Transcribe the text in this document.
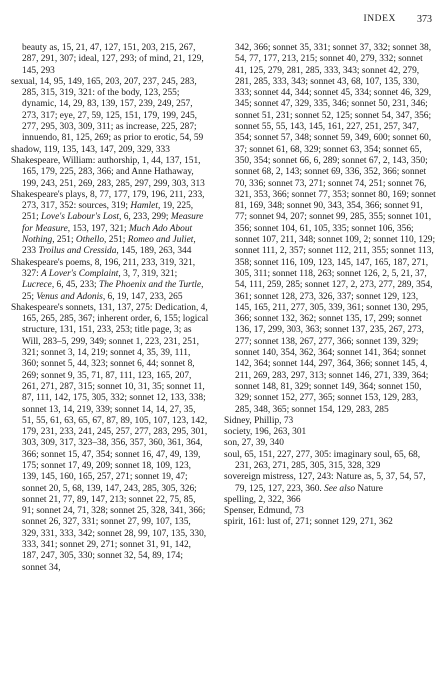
INDEX 373

beauty as, 15, 21, 47, 127, 151, 203, 215, 267, 287, 291, 307; ideal, 127, 293; of mind, 21, 129, 145, 293

sexual, 14, 95, 149, 165, 203, 207, 237, 245, 283, 285, 315, 319, 321: of the body, 123, 255; dynamic, 14, 29, 83, 139, 157, 239, 249, 257, 273, 317; eye, 27, 59, 125, 151, 179, 199, 245, 277, 295, 303, 309, 311; as increase, 225, 287; innuendo, 81, 125, 269; as prior to erotic, 54, 59

shadow, 119, 135, 143, 147, 209, 329, 333

Shakespeare, William: authorship, 1, 44, 137, 151, 165, 179, 225, 283, 366; and Anne Hathaway, 199, 243, 251, 269, 283, 285, 297, 299, 303, 313

Shakespeare's plays, 8, 77, 177, 179, 196, 211, 233, 273, 317, 352: sources, 319; Hamlet, 19, 225, 251; Love's Labour's Lost, 6, 233, 299; Measure for Measure, 153, 197, 321; Much Ado About Nothing, 251; Othello, 251; Romeo and Juliet, 233 Troilus and Cressida, 145, 189, 263, 344

Shakespeare's poems, 8, 196, 211, 233, 319, 321, 327: A Lover's Complaint, 3, 7, 319, 321; Lucrece, 6, 45, 233; The Phoenix and the Turtle, 25; Venus and Adonis, 6, 19, 147, 233, 265

Shakespeare's sonnets, 131, 137, 275: Dedication, 4, 165, 265, 285, 367; inherent order, 6, 155; logical structure, 131, 151, 233, 253; title page, 3; as Will, 283–5, 299, 349; sonnet 1, 223, 231, 251, 321; sonnet 3, 14, 219; sonnet 4, 35, 39, 111, 360; sonnet 5, 44, 323; sonnet 6, 44; sonnet 8, 269; sonnet 9, 35, 71, 87, 111, 123, 165, 207, 261, 271, 287, 315; sonnet 10, 31, 35; sonnet 11, 87, 111, 142, 175, 305, 332; sonnet 12, 133, 338; sonnet 13, 14, 219, 339; sonnet 14, 14, 27, 35, 51, 55, 61, 63, 65, 67, 87, 89, 105, 107, 123, 142, 179, 231, 233, 241, 245, 257, 277, 283, 295, 301, 303, 309, 317, 323–38, 356, 357, 360, 361, 364, 366; sonnet 15, 47, 354; sonnet 16, 47, 49, 139, 175; sonnet 17, 49, 209; sonnet 18, 109, 123, 139, 145, 160, 165, 257, 271; sonnet 19, 47; sonnet 20, 5, 68, 139, 147, 243, 285, 305, 326; sonnet 21, 77, 89, 147, 213; sonnet 22, 75, 85, 91; sonnet 24, 71, 328; sonnet 25, 328, 341, 366; sonnet 26, 327, 331; sonnet 27, 99, 107, 135, 329, 331, 333, 342; sonnet 28, 99, 107, 135, 330, 333, 341; sonnet 29, 271; sonnet 31, 91, 142, 187, 247, 305, 330; sonnet 32, 54, 89, 174; sonnet 34,

342, 366; sonnet 35, 331; sonnet 37, 332; sonnet 38, 54, 77, 177, 213, 215; sonnet 40, 279, 332; sonnet 41, 125, 279, 281, 285, 333, 343; sonnet 42, 279, 281, 285, 333, 343; sonnet 43, 68, 107, 135, 330, 333; sonnet 44, 344; sonnet 45, 334; sonnet 46, 329, 345; sonnet 47, 329, 335, 346; sonnet 50, 231, 346; sonnet 51, 231; sonnet 52, 125; sonnet 54, 347, 356; sonnet 55, 55, 143, 145, 161, 227, 251, 257, 347, 354; sonnet 57, 348; sonnet 59, 349, 600; sonnet 60, 37; sonnet 61, 68, 329; sonnet 63, 354; sonnet 65, 350, 354; sonnet 66, 6, 289; sonnet 67, 2, 143, 350; sonnet 68, 2, 143; sonnet 69, 336, 352, 366; sonnet 70, 336; sonnet 73, 271; sonnet 74, 251; sonnet 76, 321, 353, 366; sonnet 77, 353; sonnet 80, 169; sonnet 81, 169, 348; sonnet 90, 343, 354, 366; sonnet 91, 77; sonnet 94, 207; sonnet 99, 285, 355; sonnet 101, 356; sonnet 104, 61, 105, 335; sonnet 106, 356; sonnet 107, 211, 348; sonnet 109, 2; sonnet 110, 129; sonnet 111, 2, 357; sonnet 112, 211, 355; sonnet 113, 358; sonnet 116, 109, 123, 145, 147, 165, 187, 271, 305, 311; sonnet 118, 263; sonnet 126, 2, 5, 21, 37, 54, 111, 259, 285; sonnet 127, 2, 273, 277, 289, 354, 361; sonnet 128, 273, 326, 337; sonnet 129, 123, 145, 165, 211, 277, 305, 339, 361; sonnet 130, 295, 366; sonnet 132, 362; sonnet 135, 17, 299; sonnet 136, 17, 299, 303, 363; sonnet 137, 235, 267, 273, 277; sonnet 138, 267, 277, 366; sonnet 139, 329; sonnet 140, 354, 362, 364; sonnet 141, 364; sonnet 142, 364; sonnet 144, 297, 364, 366; sonnet 145, 4, 211, 269, 283, 297, 313; sonnet 146, 271, 339, 364; sonnet 148, 81, 329; sonnet 149, 364; sonnet 150, 329; sonnet 152, 277, 365; sonnet 153, 129, 283, 285, 348, 365; sonnet 154, 129, 283, 285

Sidney, Phillip, 73

society, 196, 263, 301

son, 27, 39, 340

soul, 65, 151, 227, 277, 305: imaginary soul, 65, 68, 231, 263, 271, 285, 305, 315, 328, 329

sovereign mistress, 127, 243: Nature as, 5, 37, 54, 57, 79, 125, 127, 223, 360. See also Nature

spelling, 2, 322, 366

Spenser, Edmund, 73

spirit, 161: lust of, 271; sonnet 129, 271, 362
